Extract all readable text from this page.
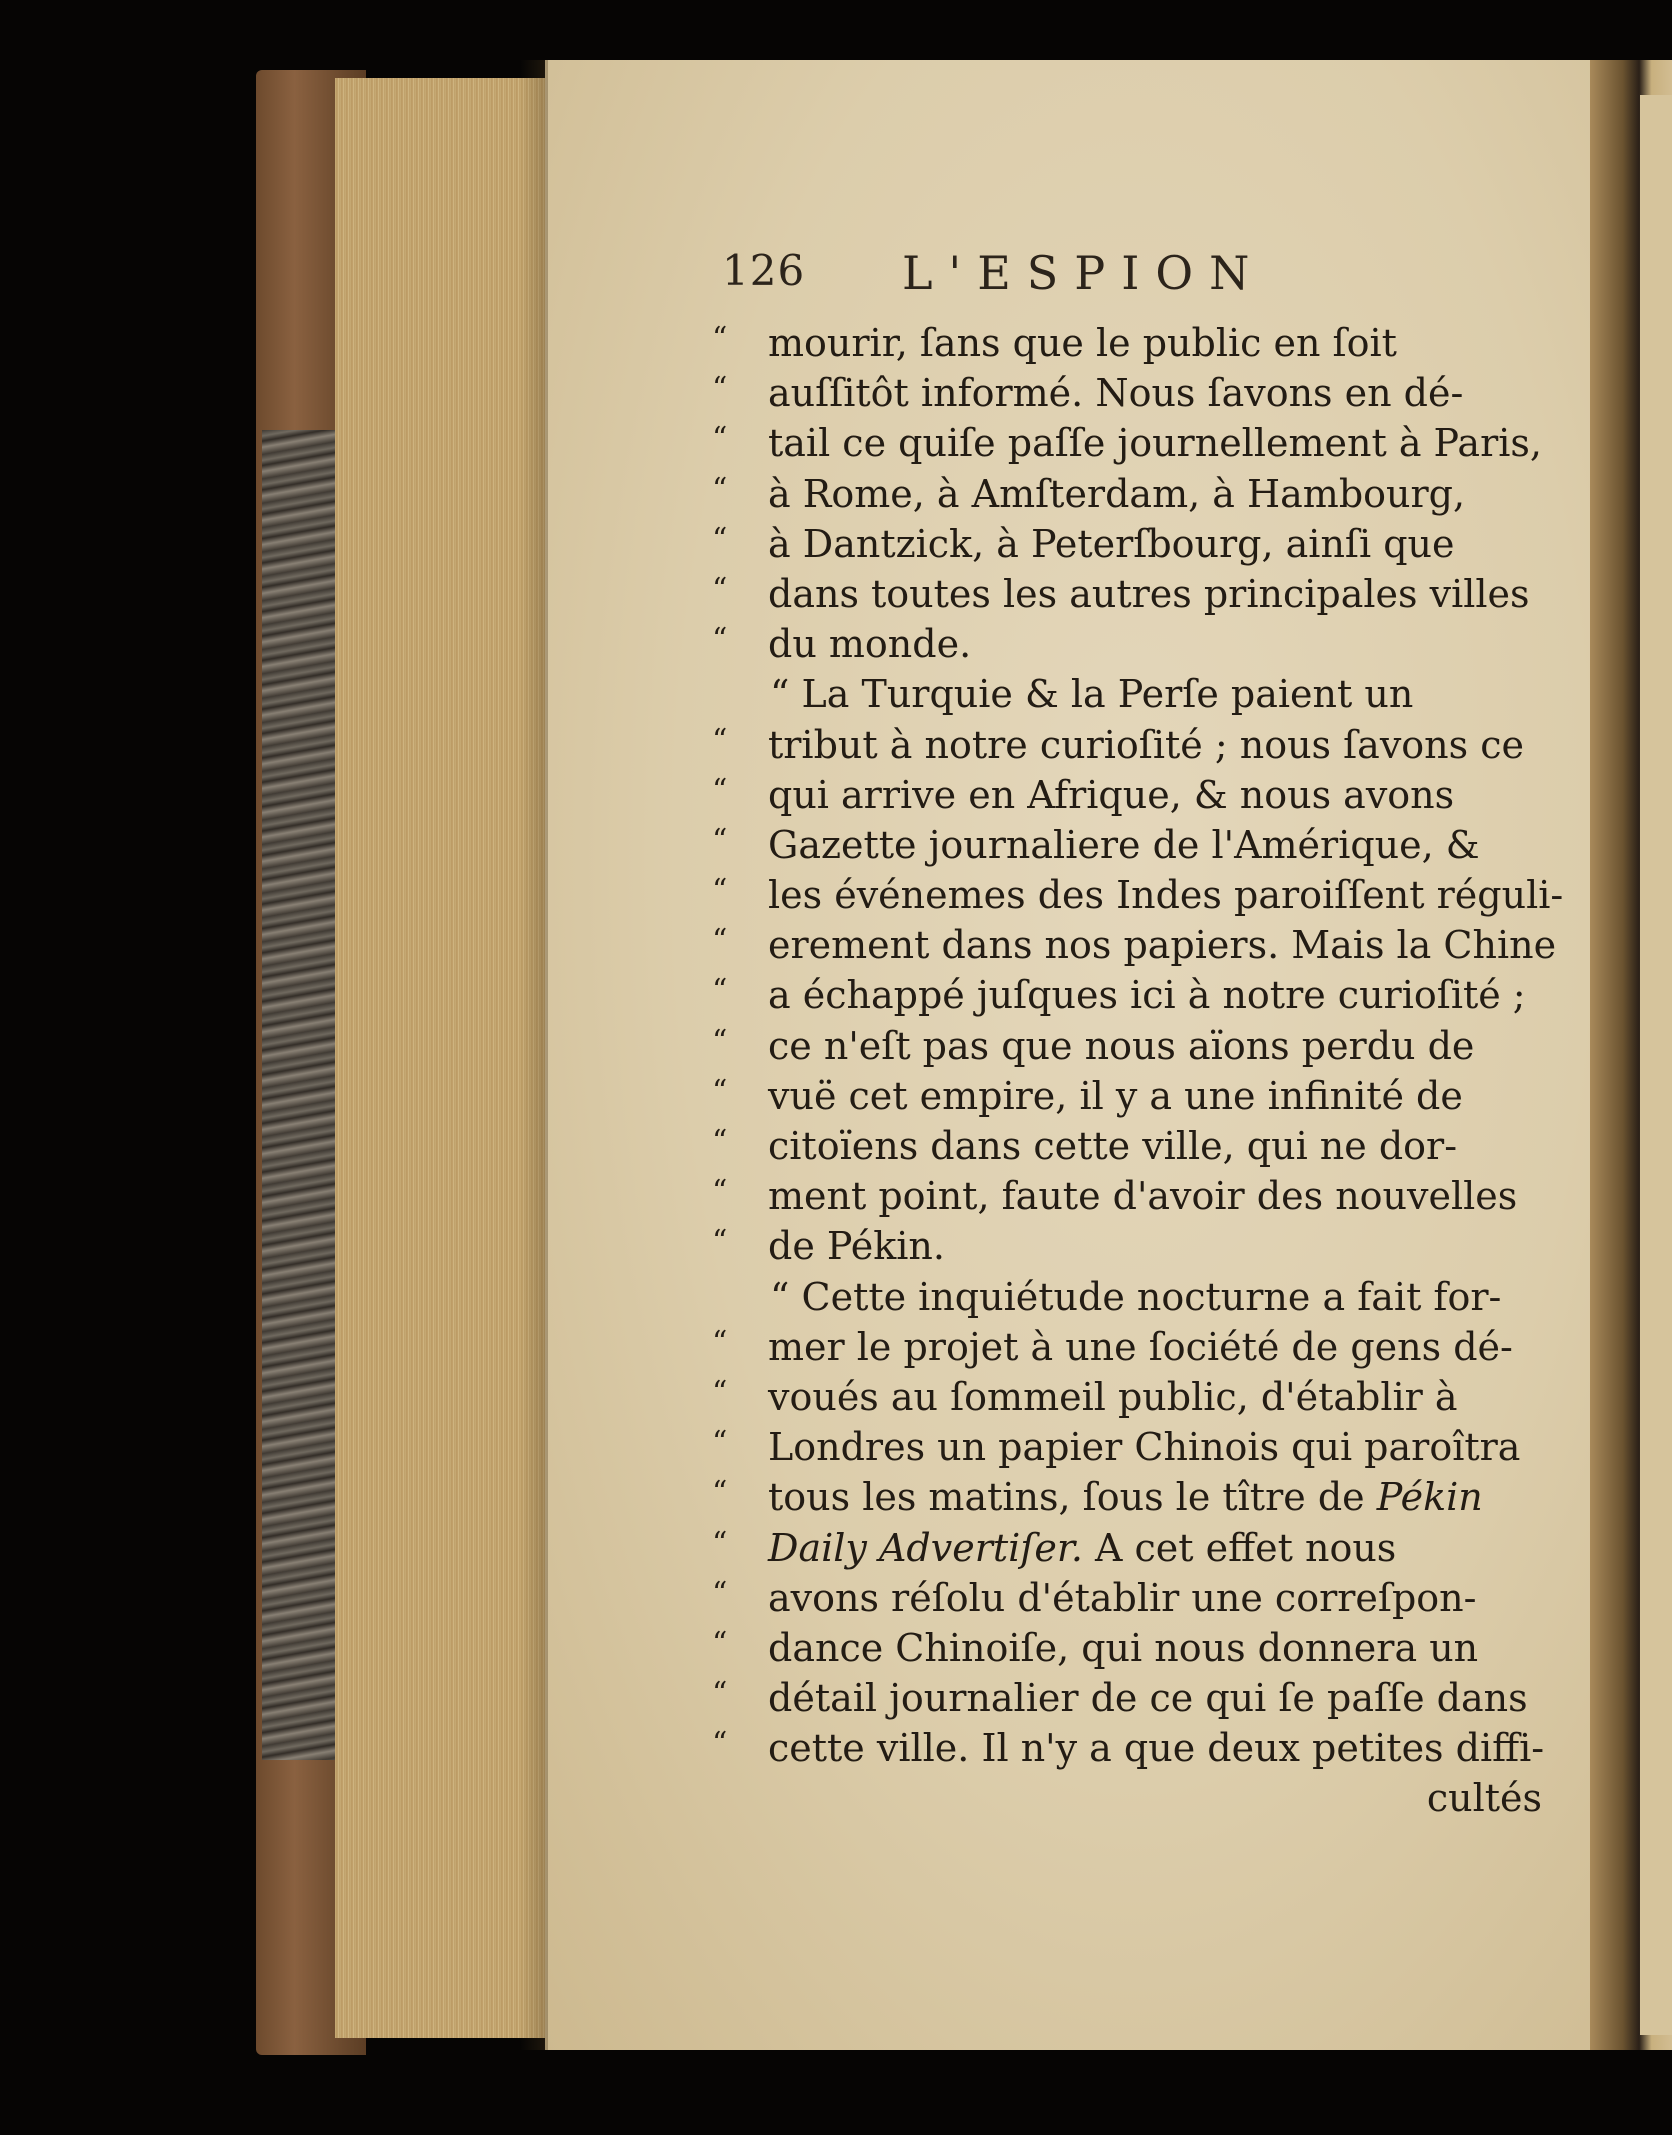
126 L'ESPION
“	mourir, ſans que le public en ſoit
“	auſſitôt informé. Nous ſavons en dé-
“	tail ce quiſe paſſe journellement à Paris,
“	à Rome, à Amſterdam, à Hambourg,
“	à Dantzick, à Peterſbourg, ainſi que
“	dans toutes les autres principales villes
“	du monde.
“ La Turquie & la Perſe paient un
“	tribut à notre curioſité ; nous ſavons ce
“	qui arrive en Afrique, & nous avons
“	Gazette journaliere de l'Amérique, &
“	les événemes des Indes paroiſſent réguli-
“	erement dans nos papiers. Mais la Chine
“	a échappé juſques ici à notre curioſité ;
“	ce n'eſt pas que nous aïons perdu de
“	vuë cet empire, il y a une infinité de
“	citoïens dans cette ville, qui ne dor-
“	ment point, faute d'avoir des nouvelles
“	de Pékin.
“ Cette inquiétude nocturne a fait for-
“	mer le projet à une ſociété de gens dé-
“	voués au ſommeil public, d'établir à
“	Londres un papier Chinois qui paroîtra
“	tous les matins, ſous le tître de Pékin
“	Daily Advertiſer. A cet effet nous
“	avons réſolu d'établir une correſpon-
“	dance Chinoiſe, qui nous donnera un
“	détail journalier de ce qui ſe paſſe dans
“	cette ville. Il n'y a que deux petites diffi-
cultés
